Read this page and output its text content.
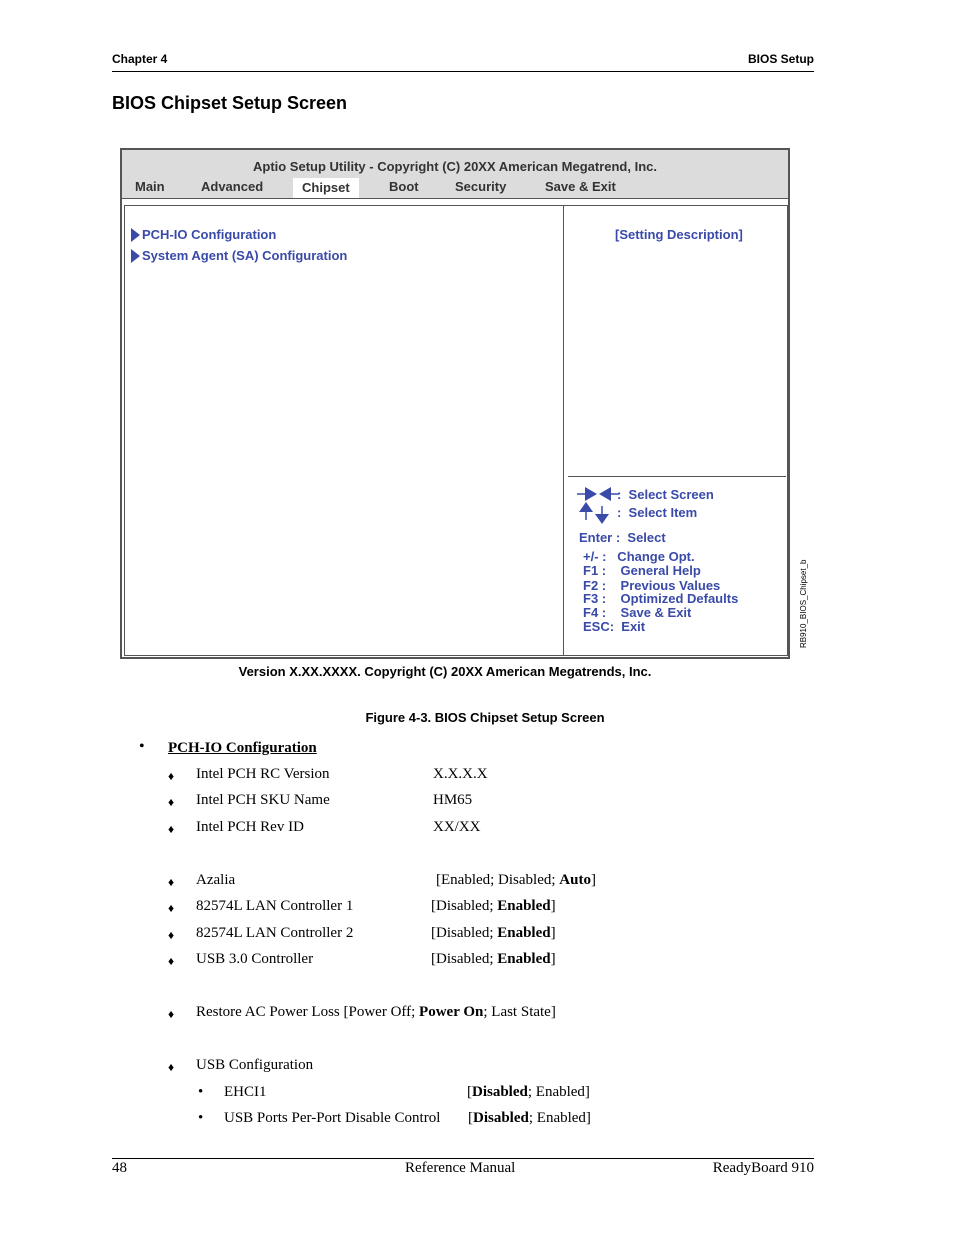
Chapter 4	BIOS Setup
BIOS Chipset Setup Screen
Aptio Setup Utility - Copyright (C) 20XX American Megatrend, Inc.
Main	Advanced	Chipset	Boot	Security	Save & Exit
PCH-IO Configuration
System Agent (SA) Configuration
[Setting Description]
:  Select Screen
:  Select Item
Enter :  Select
+/- :   Change Opt.
F1 :    General Help
F2 :    Previous Values
F3 :    Optimized Defaults
F4 :    Save & Exit
ESC:  Exit	RB910_BIOS_Chipset_b
Version X.XX.XXXX. Copyright (C) 20XX American Megatrends, Inc.
Figure 4-3. BIOS Chipset Setup Screen
• PCH-IO Configuration
♦ Intel PCH RC Version	X.X.X.X
♦ Intel PCH SKU Name	HM65
♦ Intel PCH Rev ID	XX/XX
♦ Azalia	[Enabled; Disabled; Auto]
♦ 82574L LAN Controller 1	[Disabled; Enabled]
♦ 82574L LAN Controller 2	[Disabled; Enabled]
♦ USB 3.0 Controller	[Disabled; Enabled]
♦ Restore AC Power Loss [Power Off; Power On; Last State]
♦ USB Configuration
• EHCI1	[Disabled; Enabled]
• USB Ports Per-Port Disable Control [Disabled; Enabled]
48	Reference Manual	ReadyBoard 910
